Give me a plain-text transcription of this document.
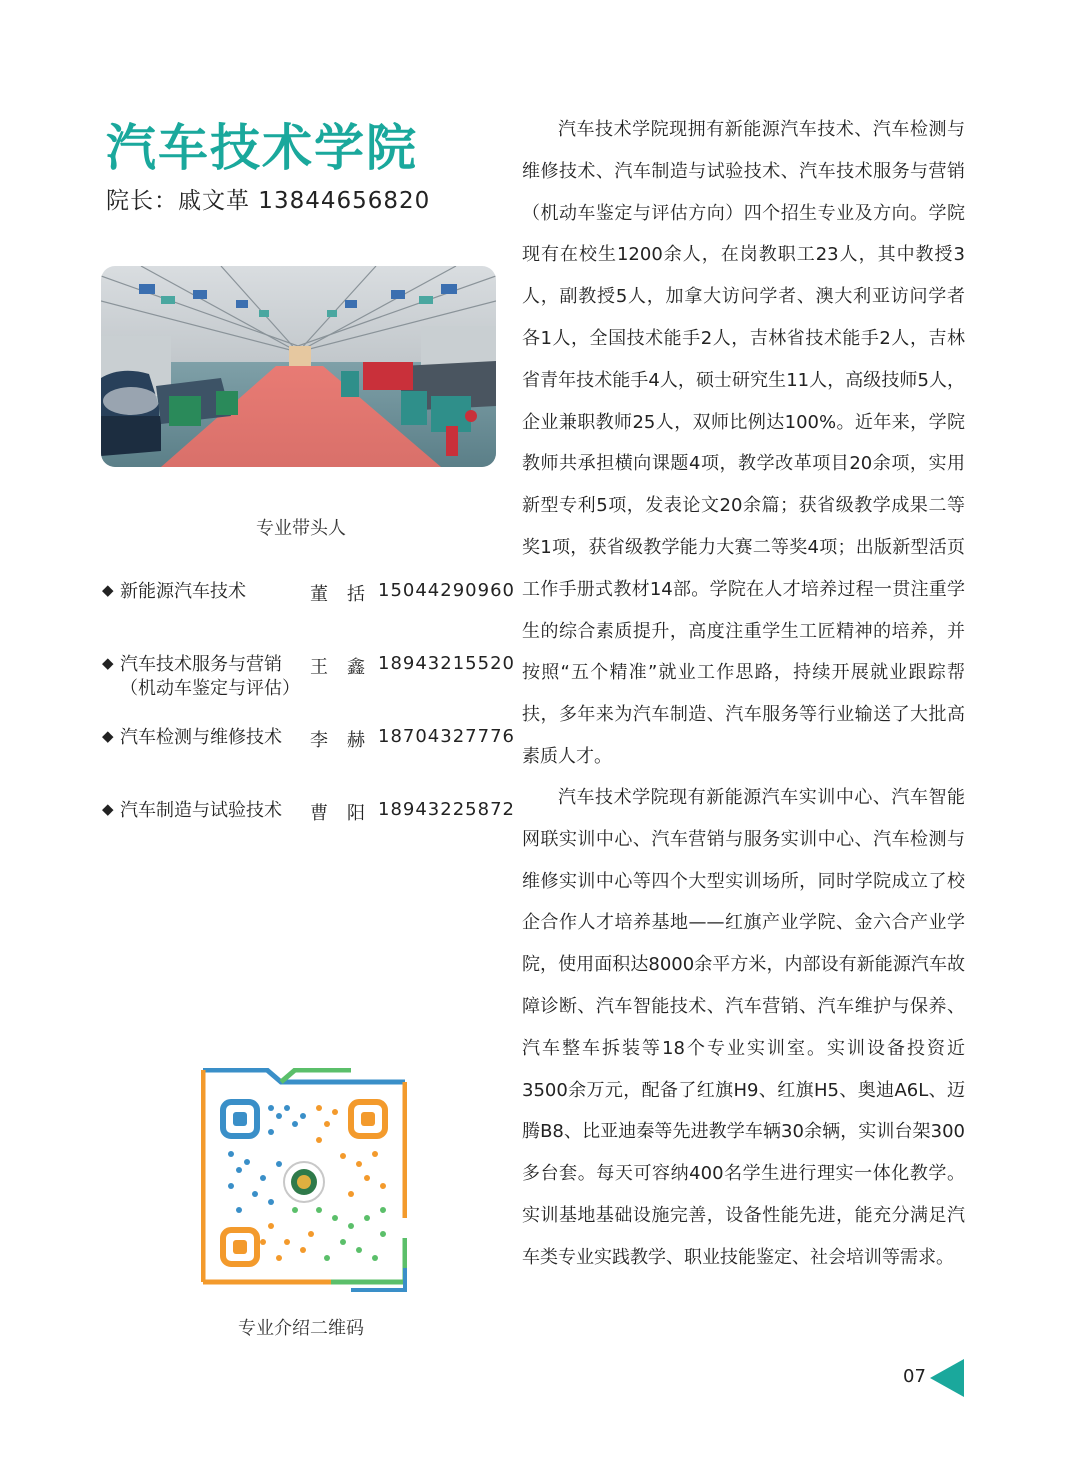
汽车技术学院
院长：戚文革 13844656820
专业带头人
◆ 新能源汽车技术	董括
15044290960
◆ 汽车技术服务与营销
（机动车鉴定与评估）
王鑫
18943215520
◆ 汽车检测与维修技术 李赫
18704327776
◆ 汽车制造与试验技术 曹阳
18943225872

汽车技术学院现拥有新能源汽车技术、汽车检测与维修技术、汽车制造与试验技术、汽车技术服务与营销（机动车鉴定与评估方向）四个招生专业及方向。学院现有在校生1200余人，在岗教职工23人，其中教授3人，副教授5人，加拿大访问学者、澳大利亚访问学者各1人，全国技术能手2人，吉林省技术能手2人，吉林省青年技术能手4人，硕士研究生11人，高级技师5人，企业兼职教师25人，双师比例达100%。近年来，学院教师共承担横向课题4项，教学改革项目20余项，实用新型专利5项，发表论文20余篇；获省级教学成果二等奖1项，获省级教学能力大赛二等奖4项；出版新型活页工作手册式教材14部。学院在人才培养过程一贯注重学生的综合素质提升，高度注重学生工匠精神的培养，并按照“五个精准”就业工作思路，持续开展就业跟踪帮扶，多年来为汽车制造、汽车服务等行业输送了大批高素质人才。

汽车技术学院现有新能源汽车实训中心、汽车智能网联实训中心、汽车营销与服务实训中心、汽车检测与维修实训中心等四个大型实训场所，同时学院成立了校企合作人才培养基地——红旗产业学院、金六合产业学院，使用面积达8000余平方米，内部设有新能源汽车故障诊断、汽车智能技术、汽车营销、汽车维护与保养、汽车整车拆装等18个专业实训室。实训设备投资近3500余万元，配备了红旗H9、红旗H5、奥迪A6L、迈腾B8、比亚迪秦等先进教学车辆30余辆，实训台架300多台套。每天可容纳400名学生进行理实一体化教学。实训基地基础设施完善，设备性能先进，能充分满足汽车类专业实践教学、职业技能鉴定、社会培训等需求。

专业介绍二维码
07
